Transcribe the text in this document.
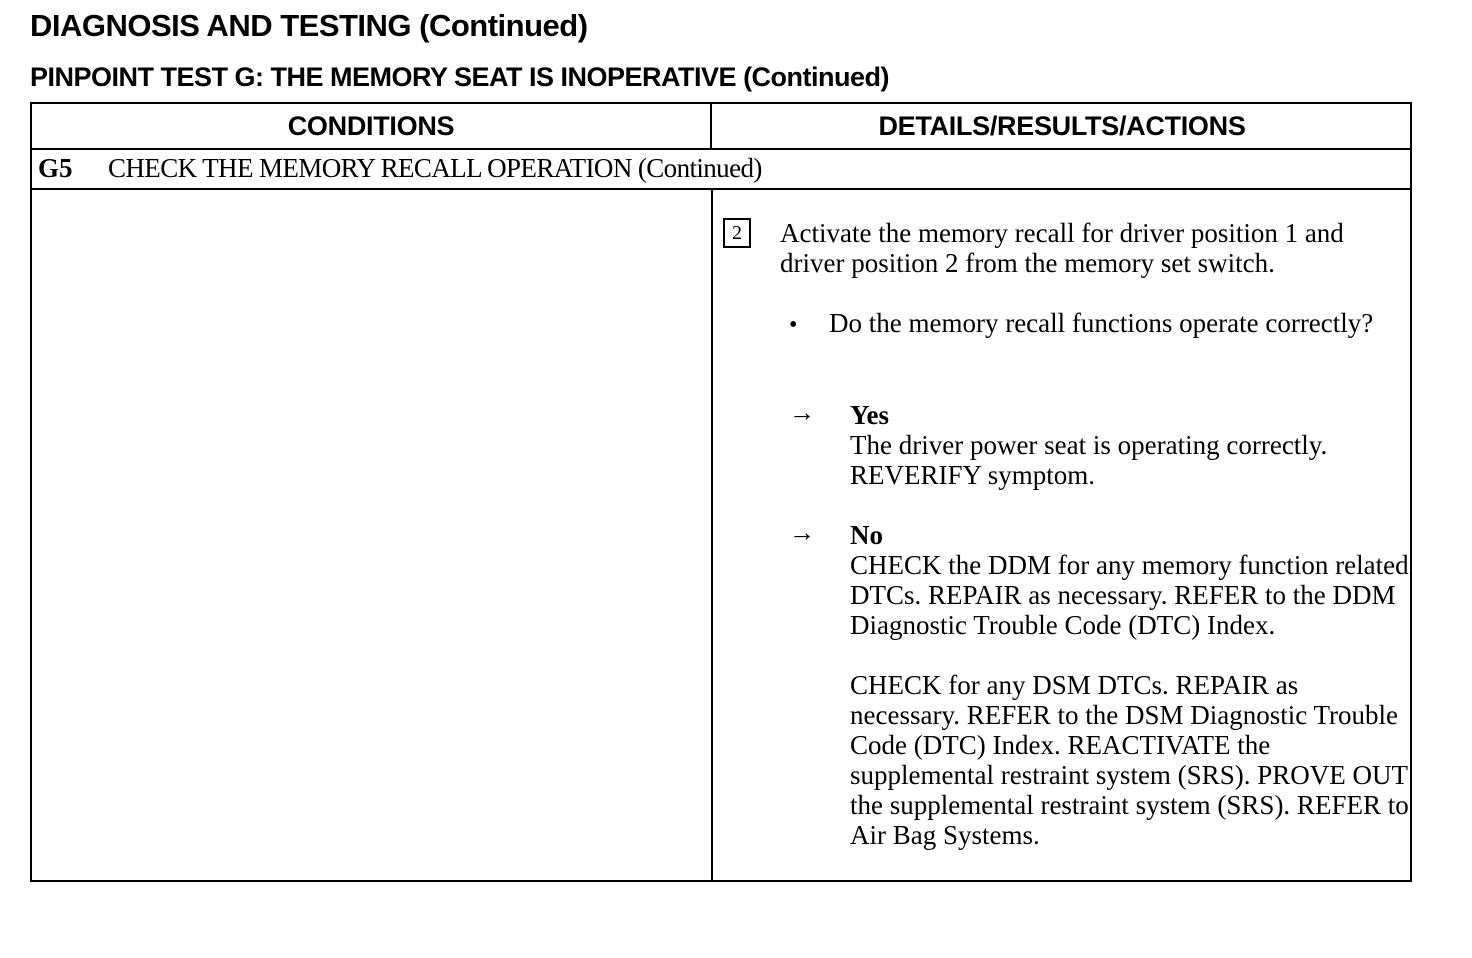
DIAGNOSIS AND TESTING (Continued)
PINPOINT TEST G: THE MEMORY SEAT IS INOPERATIVE (Continued)
CONDITIONS	DETAILS/RESULTS/ACTIONS
G5 CHECK THE MEMORY RECALL OPERATION (Continued)
2	Activate the memory recall for driver position 1 and driver position 2 from the memory set switch.
• Do the memory recall functions operate correctly?
→ Yes
The driver power seat is operating correctly. REVERIFY symptom.
→ No

CHECK the DDM for any memory function related DTCs. REPAIR as necessary. REFER to the DDM Diagnostic Trouble Code (DTC) Index.

CHECK for any DSM DTCs. REPAIR as necessary. REFER to the DSM Diagnostic Trouble Code (DTC) Index. REACTIVATE the supplemental restraint system (SRS). PROVE OUT the supplemental restraint system (SRS). REFER to Air Bag Systems.
